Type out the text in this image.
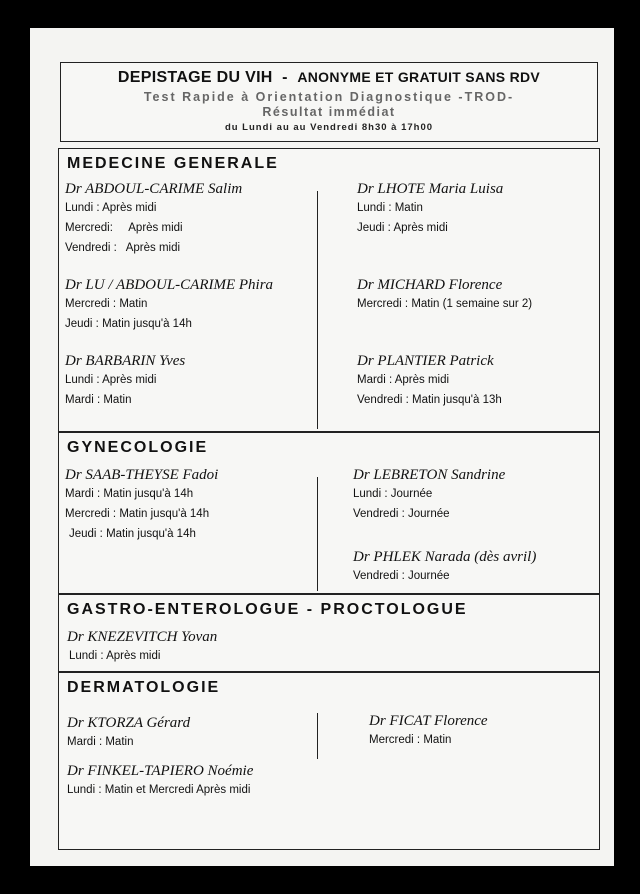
DEPISTAGE DU VIH - ANONYME ET GRATUIT SANS RDV
Test Rapide à Orientation Diagnostique -TROD-
Résultat immédiat
du Lundi au au Vendredi 8h30 à 17h00
MEDECINE GENERALE
Dr ABDOUL-CARIME Salim
Lundi : Après midi
Mercredi:     Après midi
Vendredi :   Après midi
Dr LU / ABDOUL-CARIME Phira
Mercredi : Matin
Jeudi : Matin jusqu'à 14h
Dr BARBARIN Yves
Lundi : Après midi
Mardi : Matin
Dr LHOTE Maria Luisa
Lundi : Matin
Jeudi : Après midi
Dr MICHARD Florence
Mercredi : Matin (1 semaine sur 2)
Dr PLANTIER Patrick
Mardi : Après midi
Vendredi : Matin jusqu'à 13h
GYNECOLOGIE
Dr SAAB-THEYSE Fadoi
Mardi : Matin jusqu'à 14h
Mercredi : Matin jusqu'à 14h
Jeudi : Matin jusqu'à 14h
Dr LEBRETON Sandrine
Lundi : Journée
Vendredi : Journée
Dr PHLEK Narada (dès avril)
Vendredi : Journée
GASTRO-ENTEROLOGUE - PROCTOLOGUE
Dr KNEZEVITCH Yovan
Lundi : Après midi
DERMATOLOGIE
Dr KTORZA Gérard
Mardi : Matin
Dr FINKEL-TAPIERO Noémie
Lundi : Matin et Mercredi Après midi
Dr FICAT Florence
Mercredi : Matin
